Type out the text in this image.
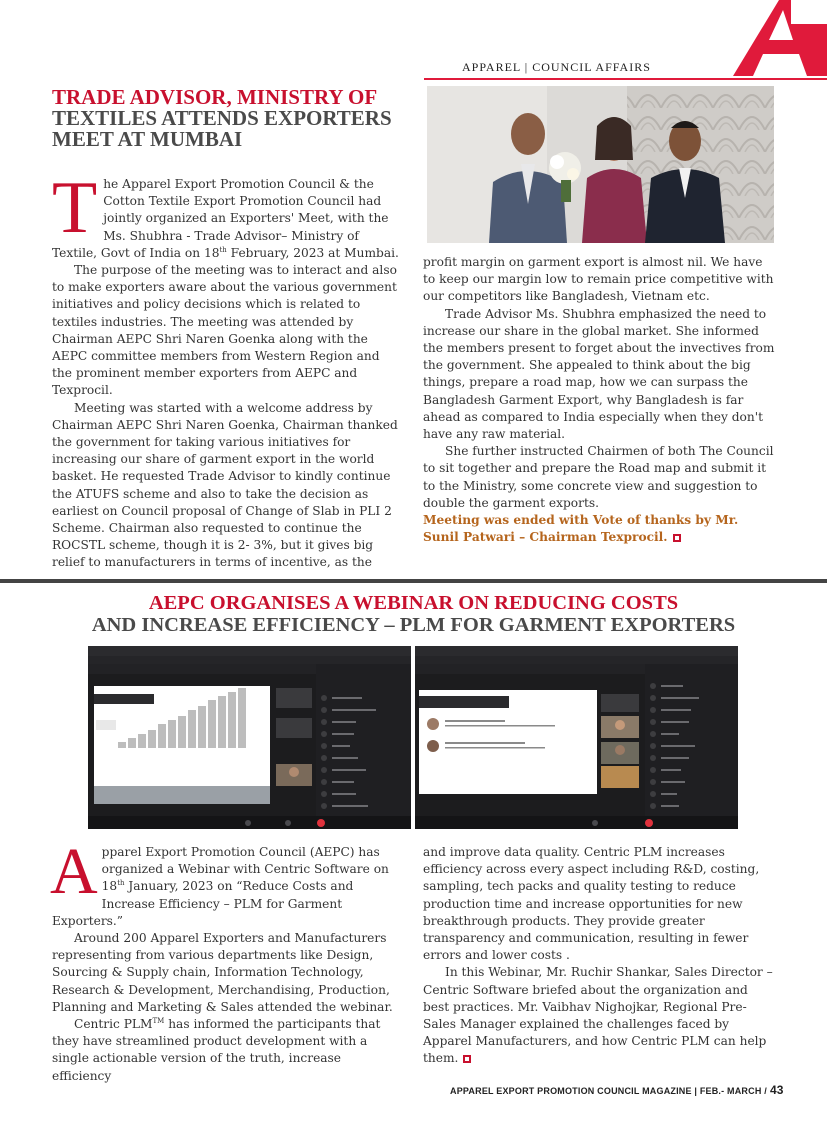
APPAREL | COUNCIL AFFAIRS
TRADE ADVISOR, MINISTRY OF
TEXTILES ATTENDS EXPORTERS
MEET AT MUMBAI

The Apparel Export Promotion Council & the Cotton Textile Export Promotion Council had jointly organized an Exporters' Meet, with the Ms. Shubhra - Trade Advisor– Ministry of Textile, Govt of India on 18th February, 2023 at Mumbai.

The purpose of the meeting was to interact and also to make exporters aware about the various government initiatives and policy decisions which is related to textiles industries. The meeting was attended by Chairman AEPC Shri Naren Goenka along with the AEPC committee members from Western Region and the prominent member exporters from AEPC and Texprocil.

Meeting was started with a welcome address by Chairman AEPC Shri Naren Goenka, Chairman thanked the government for taking various initiatives for increasing our share of garment export in the world basket. He requested Trade Advisor to kindly continue the ATUFS scheme and also to take the decision as earliest on Council proposal of Change of Slab in PLI 2 Scheme. Chairman also requested to continue the ROCSTL scheme, though it is 2- 3%, but it gives big relief to manufacturers in terms of incentive, as the

profit margin on garment export is almost nil. We have to keep our margin low to remain price competitive with our competitors like Bangladesh, Vietnam etc.

Trade Advisor Ms. Shubhra emphasized the need to increase our share in the global market. She informed the members present to forget about the invectives from the government. She appealed to think about the big things, prepare a road map, how we can surpass the Bangladesh Garment Export, why Bangladesh is far ahead as compared to India especially when they don't have any raw material.

She further instructed Chairmen of both The Council to sit together and prepare the Road map and submit it to the Ministry, some concrete view and suggestion to double the garment exports.

Meeting was ended with Vote of thanks by Mr. Sunil Patwari – Chairman Texprocil.

AEPC ORGANISES A WEBINAR ON REDUCING COSTS
AND INCREASE EFFICIENCY – PLM FOR GARMENT EXPORTERS

Apparel Export Promotion Council (AEPC) has organized a Webinar with Centric Software on 18th January, 2023 on “Reduce Costs and Increase Efficiency – PLM for Garment Exporters.”

Around 200 Apparel Exporters and Manufacturers representing from various departments like Design, Sourcing & Supply chain, Information Technology, Research & Development, Merchandising, Production, Planning and Marketing & Sales attended the webinar.

Centric PLM™ has informed the participants that they have streamlined product development with a single actionable version of the truth, increase efficiency

and improve data quality. Centric PLM increases efficiency across every aspect including R&D, costing, sampling, tech packs and quality testing to reduce production time and increase opportunities for new breakthrough products. They provide greater transparency and communication, resulting in fewer errors and lower costs .

In this Webinar, Mr. Ruchir Shankar, Sales Director – Centric Software briefed about the organization and best practices. Mr. Vaibhav Nighojkar, Regional Pre-Sales Manager explained the challenges faced by Apparel Manufacturers, and how Centric PLM can help them.

APPAREL EXPORT PROMOTION COUNCIL MAGAZINE | FEB.- MARCH / 43
